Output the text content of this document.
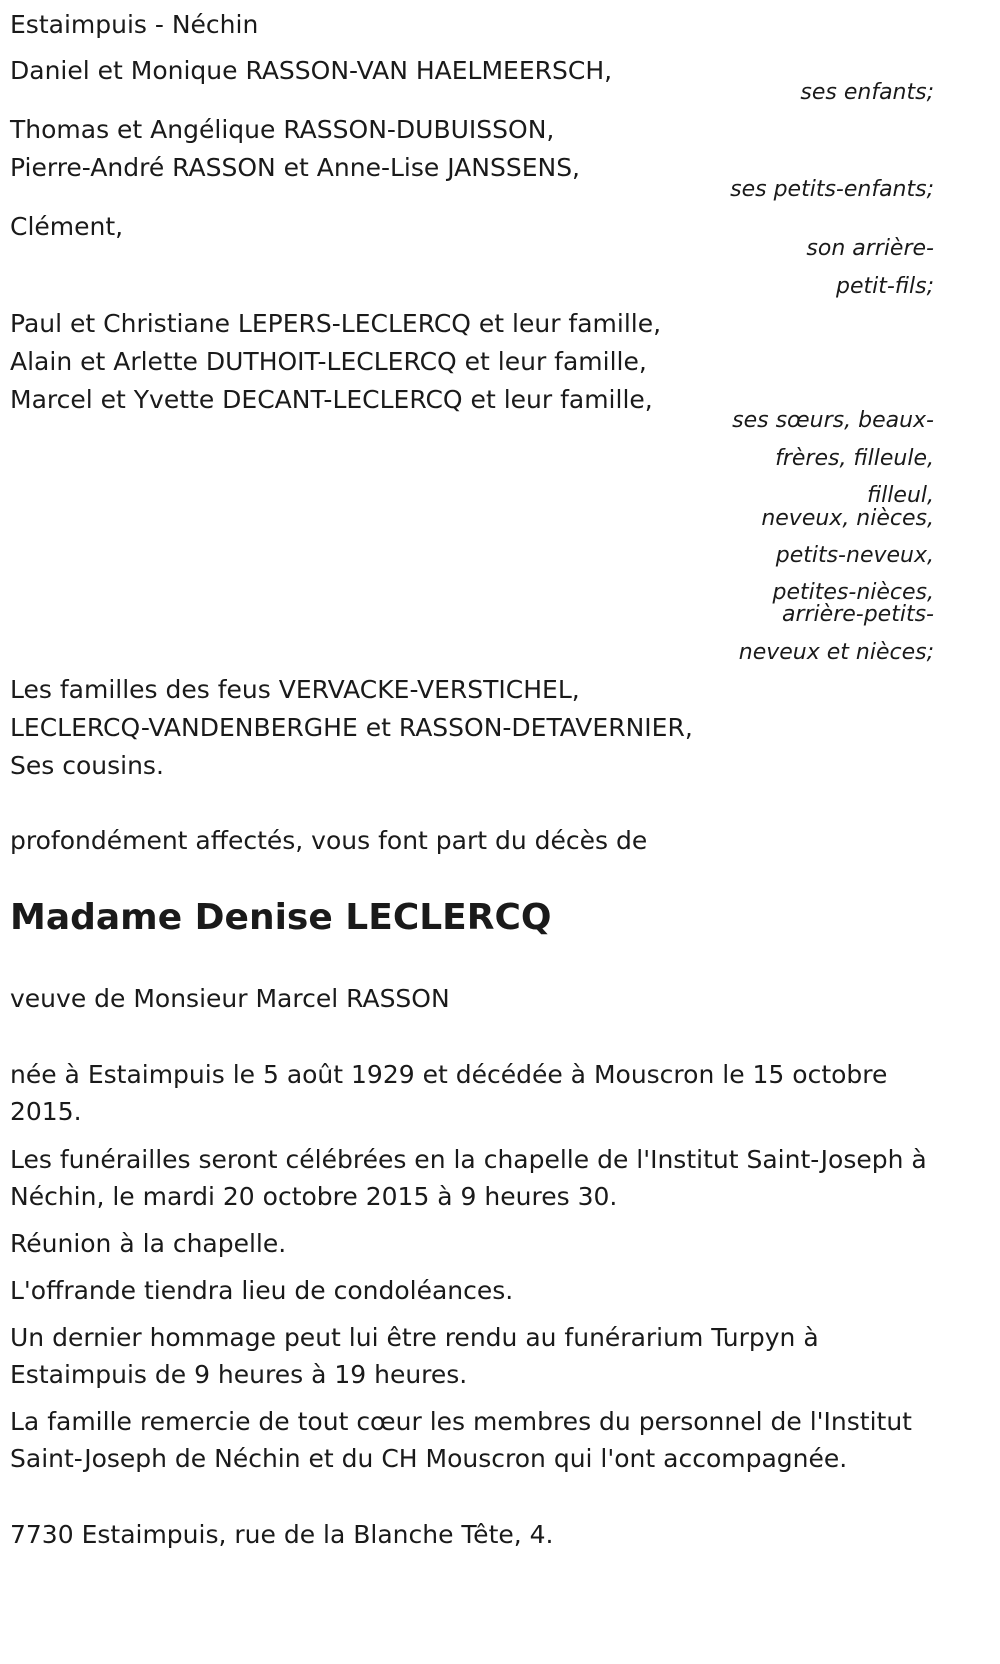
Estaimpuis - Néchin
Daniel et Monique RASSON-VAN HAELMEERSCH,
ses enfants;
Thomas et Angélique RASSON-DUBUISSON,
Pierre-André RASSON et Anne-Lise JANSSENS,
ses petits-enfants;
Clément,
son arrière-
petit-fils;
Paul et Christiane LEPERS-LECLERCQ et leur famille,
Alain et Arlette DUTHOIT-LECLERCQ et leur famille,
Marcel et Yvette DECANT-LECLERCQ et leur famille,
ses sœurs, beaux-
frères, filleule,
filleul,
neveux, nièces,
petits-neveux,
petites-nièces,
arrière-petits-
neveux et nièces;
Les familles des feus VERVACKE-VERSTICHEL,
LECLERCQ-VANDENBERGHE et RASSON-DETAVERNIER,
Ses cousins.
profondément affectés, vous font part du décès de
Madame Denise LECLERCQ
veuve de Monsieur Marcel RASSON
née à Estaimpuis le 5 août 1929 et décédée à Mouscron le 15 octobre
2015.
Les funérailles seront célébrées en la chapelle de l'Institut Saint-Joseph à
Néchin, le mardi 20 octobre 2015 à 9 heures 30.
Réunion à la chapelle.
L'offrande tiendra lieu de condoléances.
Un dernier hommage peut lui être rendu au funérarium Turpyn à
Estaimpuis de 9 heures à 19 heures.
La famille remercie de tout cœur les membres du personnel de l'Institut
Saint-Joseph de Néchin et du CH Mouscron qui l'ont accompagnée.
7730 Estaimpuis, rue de la Blanche Tête, 4.
